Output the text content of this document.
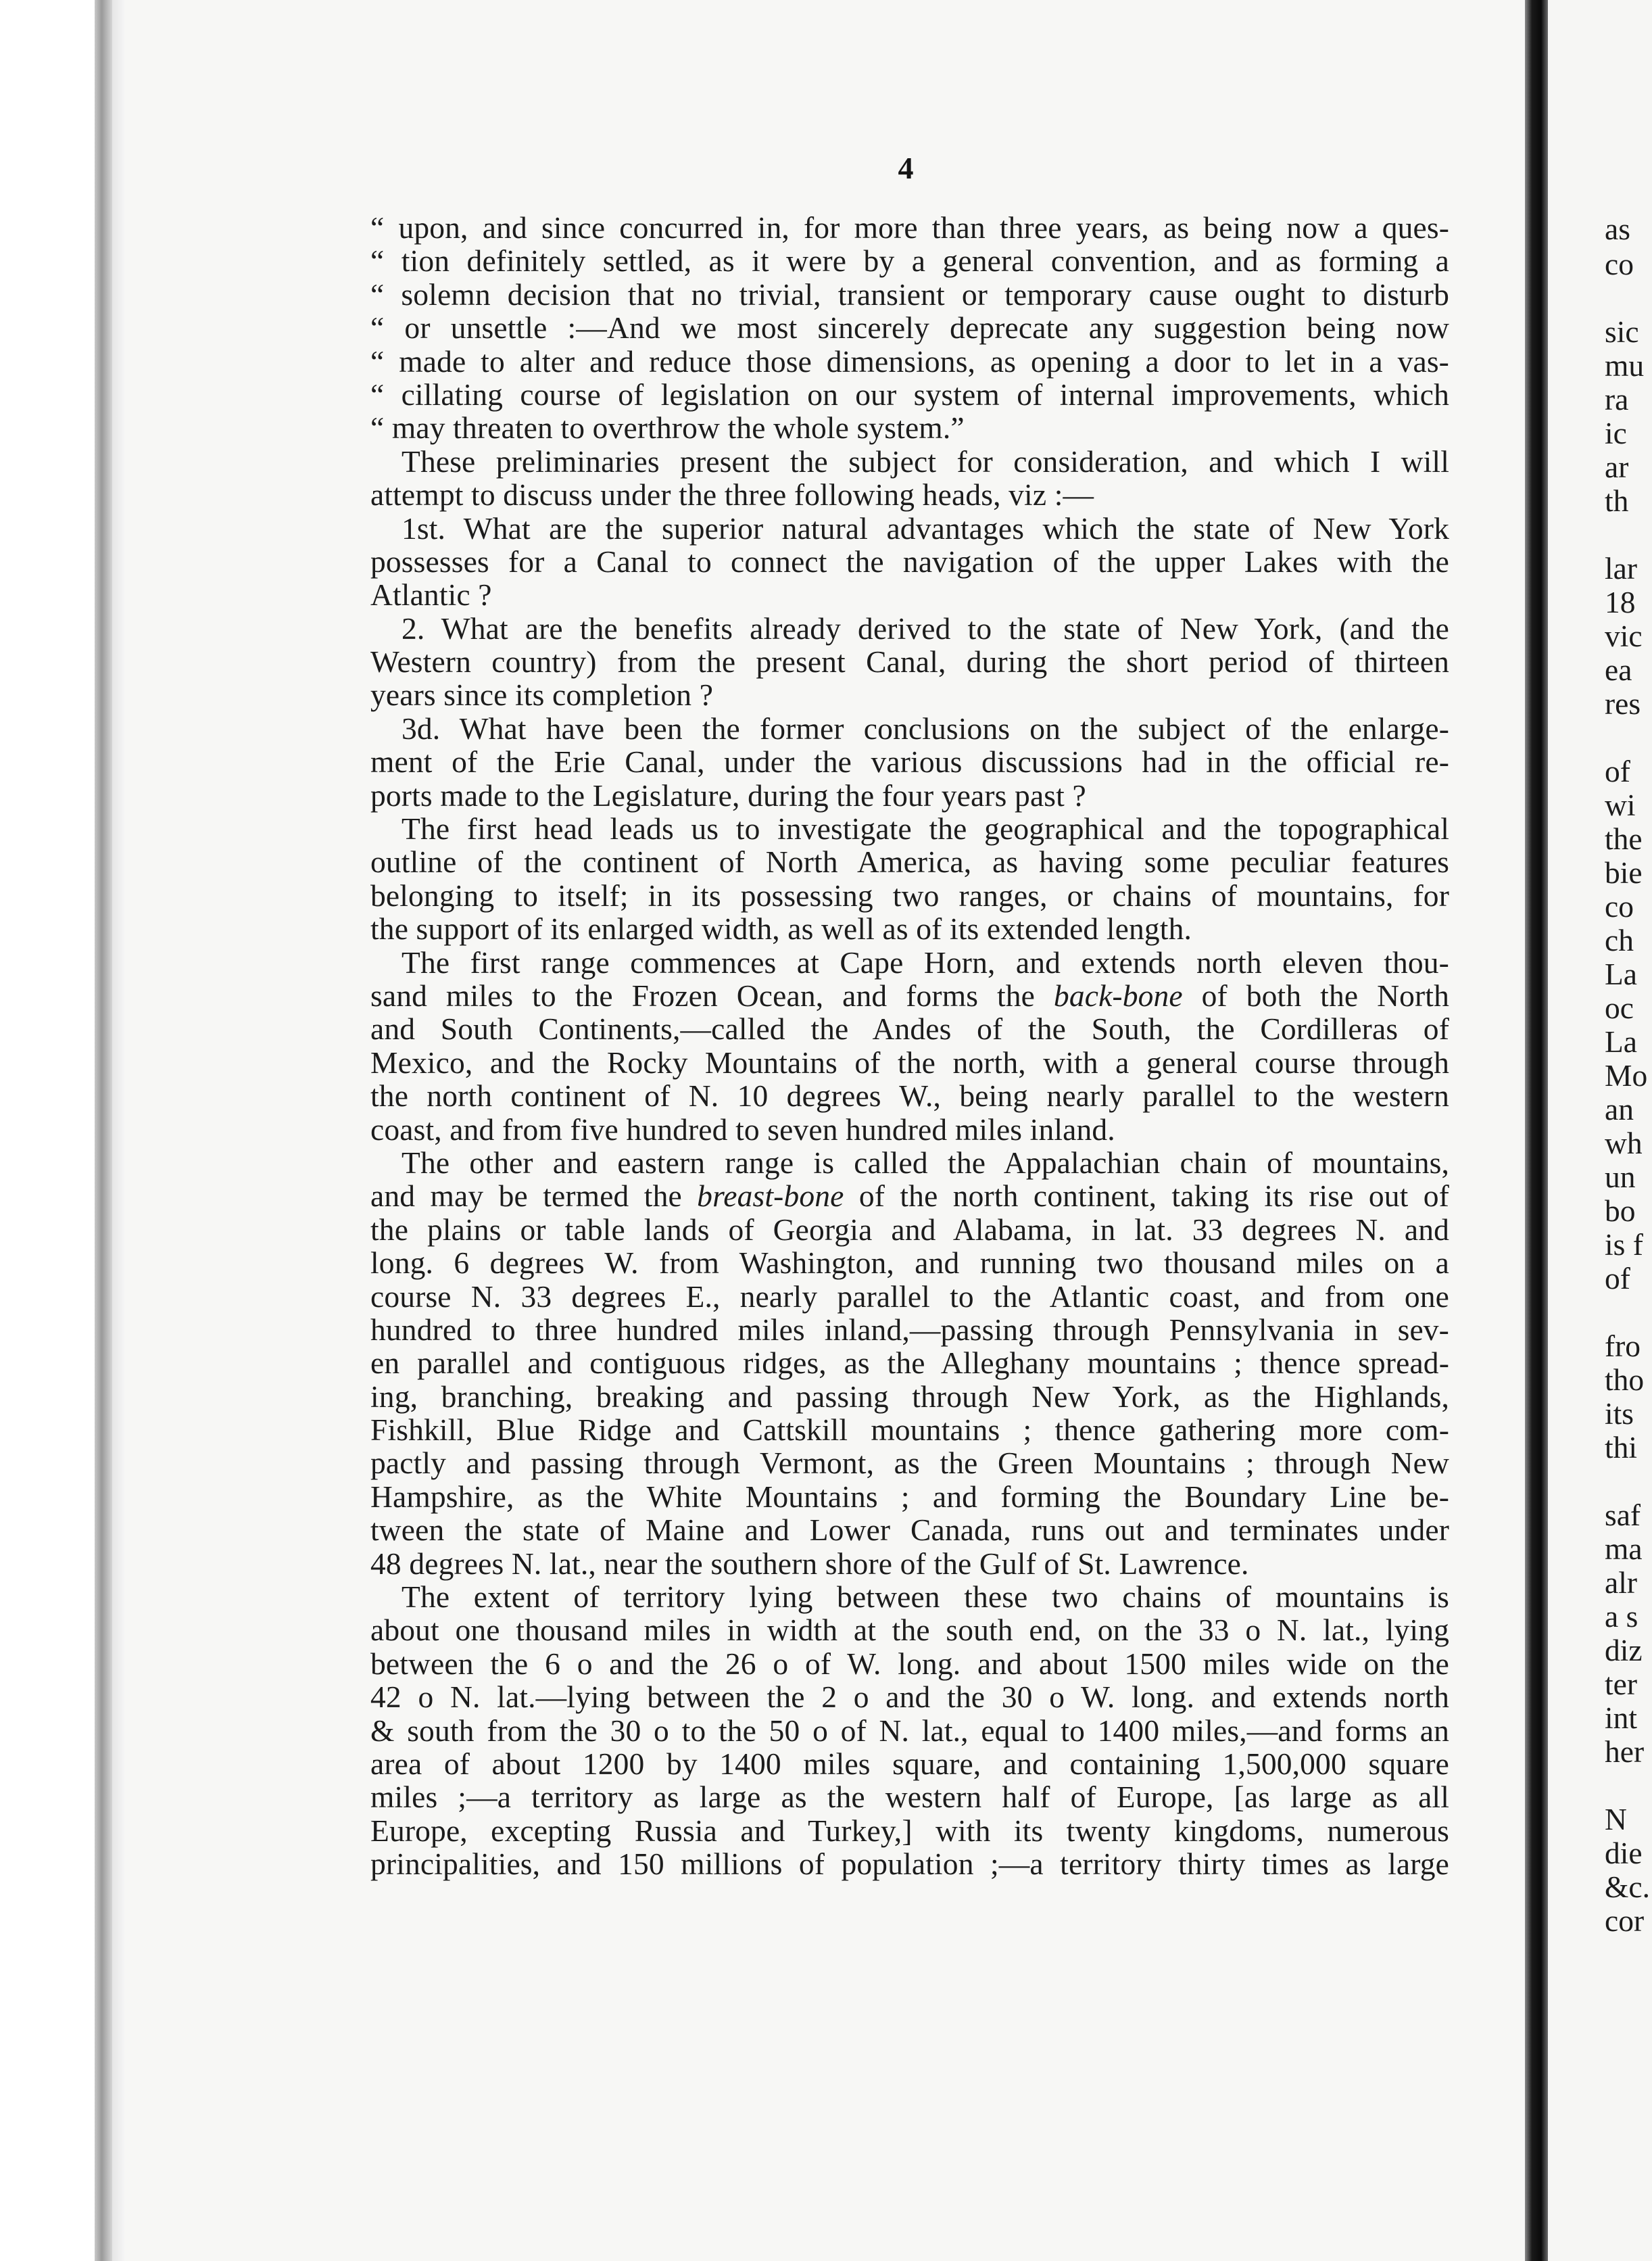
4
“ upon, and since concurred in, for more than three years, as being now a ques-
“ tion definitely settled, as it were by a general convention, and as forming a
“ solemn decision that no trivial, transient or temporary cause ought to disturb
“ or unsettle :—And we most sincerely deprecate any suggestion being now
“ made to alter and reduce those dimensions, as opening a door to let in a vas-
“ cillating course of legislation on our system of internal improvements, which
“ may threaten to overthrow the whole system.”
These preliminaries present the subject for consideration, and which I will
attempt to discuss under the three following heads, viz :—
1st. What are the superior natural advantages which the state of New York
possesses for a Canal to connect the navigation of the upper Lakes with the
Atlantic ?
2. What are the benefits already derived to the state of New York, (and the
Western country) from the present Canal, during the short period of thirteen
years since its completion ?
3d. What have been the former conclusions on the subject of the enlarge-
ment of the Erie Canal, under the various discussions had in the official re-
ports made to the Legislature, during the four years past ?
The first head leads us to investigate the geographical and the topographical
outline of the continent of North America, as having some peculiar features
belonging to itself; in its possessing two ranges, or chains of mountains, for
the support of its enlarged width, as well as of its extended length.
The first range commences at Cape Horn, and extends north eleven thou-
sand miles to the Frozen Ocean, and forms the back-bone of both the North
and South Continents,—called the Andes of the South, the Cordilleras of
Mexico, and the Rocky Mountains of the north, with a general course through
the north continent of N. 10 degrees W., being nearly parallel to the western
coast, and from five hundred to seven hundred miles inland.
The other and eastern range is called the Appalachian chain of mountains,
and may be termed the breast-bone of the north continent, taking its rise out of
the plains or table lands of Georgia and Alabama, in lat. 33 degrees N. and
long. 6 degrees W. from Washington, and running two thousand miles on a
course N. 33 degrees E., nearly parallel to the Atlantic coast, and from one
hundred to three hundred miles inland,—passing through Pennsylvania in sev-
en parallel and contiguous ridges, as the Alleghany mountains ; thence spread-
ing, branching, breaking and passing through New York, as the Highlands,
Fishkill, Blue Ridge and Cattskill mountains ; thence gathering more com-
pactly and passing through Vermont, as the Green Mountains ; through New
Hampshire, as the White Mountains ; and forming the Boundary Line be-
tween the state of Maine and Lower Canada, runs out and terminates under
48 degrees N. lat., near the southern shore of the Gulf of St. Lawrence.
The extent of territory lying between these two chains of mountains is
about one thousand miles in width at the south end, on the 33 o N. lat., lying
between the 6 o and the 26 o of W. long. and about 1500 miles wide on the
42 o N. lat.—lying between the 2 o and the 30 o W. long. and extends north
& south from the 30 o to the 50 o of N. lat., equal to 1400 miles,—and forms an
area of about 1200 by 1400 miles square, and containing 1,500,000 square
miles ;—a territory as large as the western half of Europe, [as large as all
Europe, excepting Russia and Turkey,] with its twenty kingdoms, numerous
principalities, and 150 millions of population ;—a territory thirty times as large
as
co
sic
mu
ra
ic
ar
th
lar
18
vic
ea
res
of
wi
the
bie
co
ch
La
oc
La
Mo
an
wh
un
bo
is f
of
fro
tho
its
thi
saf
ma
alr
a s
diz
ter
int
her
N
die
&c.
cor
